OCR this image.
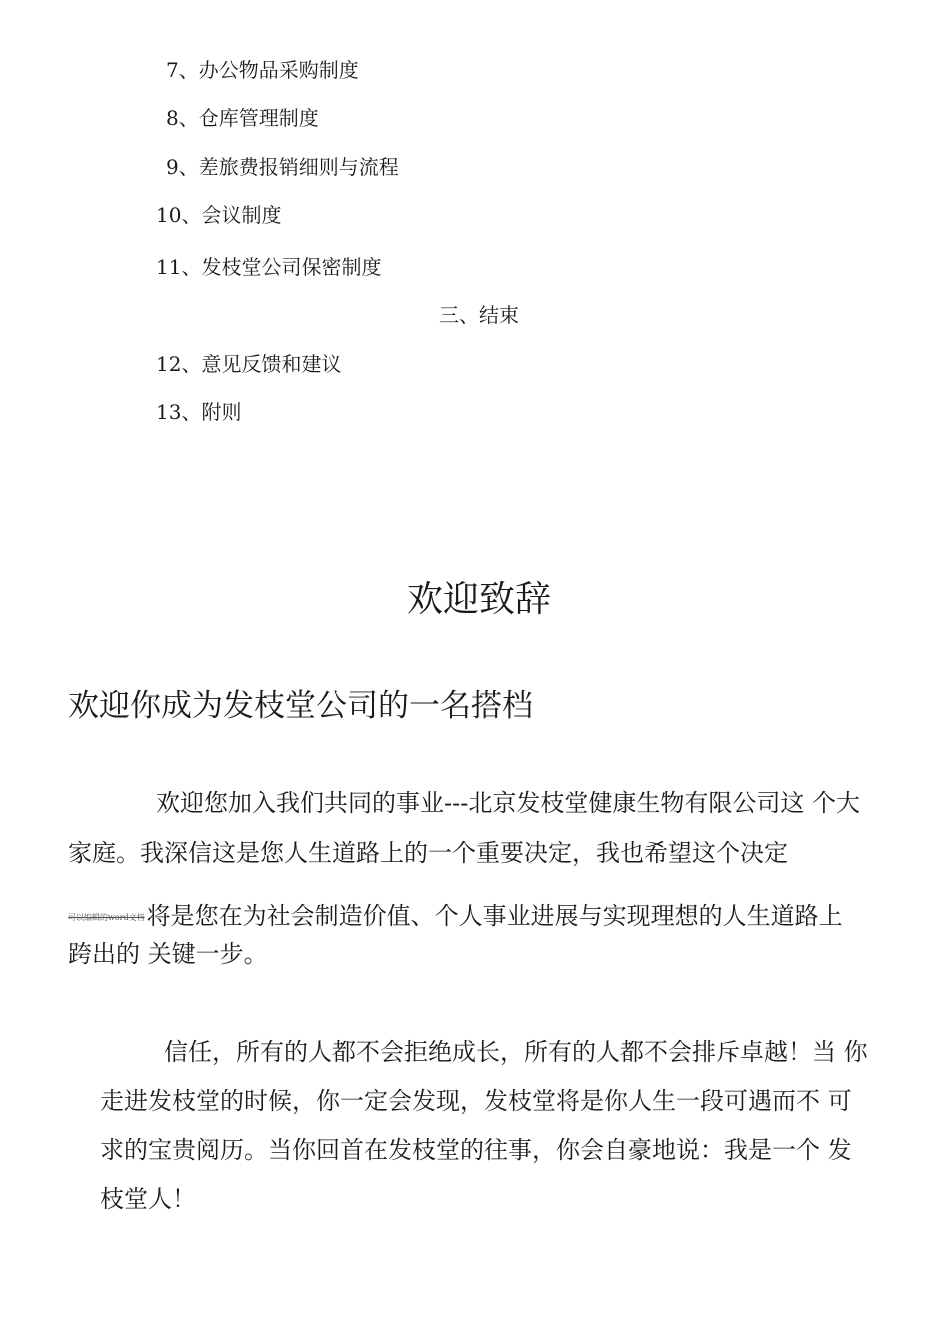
7、办公物品采购制度
8、仓库管理制度
9、差旅费报销细则与流程
10、会议制度
11、发枝堂公司保密制度
三、结束
12、意见反馈和建议
13、附则
欢迎致辞
欢迎你成为发枝堂公司的一名搭档
欢迎您加入我们共同的事业---北京发枝堂健康生物有限公司这 个大
家庭。我深信这是您人生道路上的一个重要决定，我也希望这个决定
可以编辑的word文档将是您在为社会制造价值、个人事业进展与实现理想的人生道路上
跨出的 关键一步。
信任，所有的人都不会拒绝成长，所有的人都不会排斥卓越！当 你
走进发枝堂的时候，你一定会发现，发枝堂将是你人生一段可遇而不 可
求的宝贵阅历。当你回首在发枝堂的往事，你会自豪地说：我是一个 发
枝堂人！
